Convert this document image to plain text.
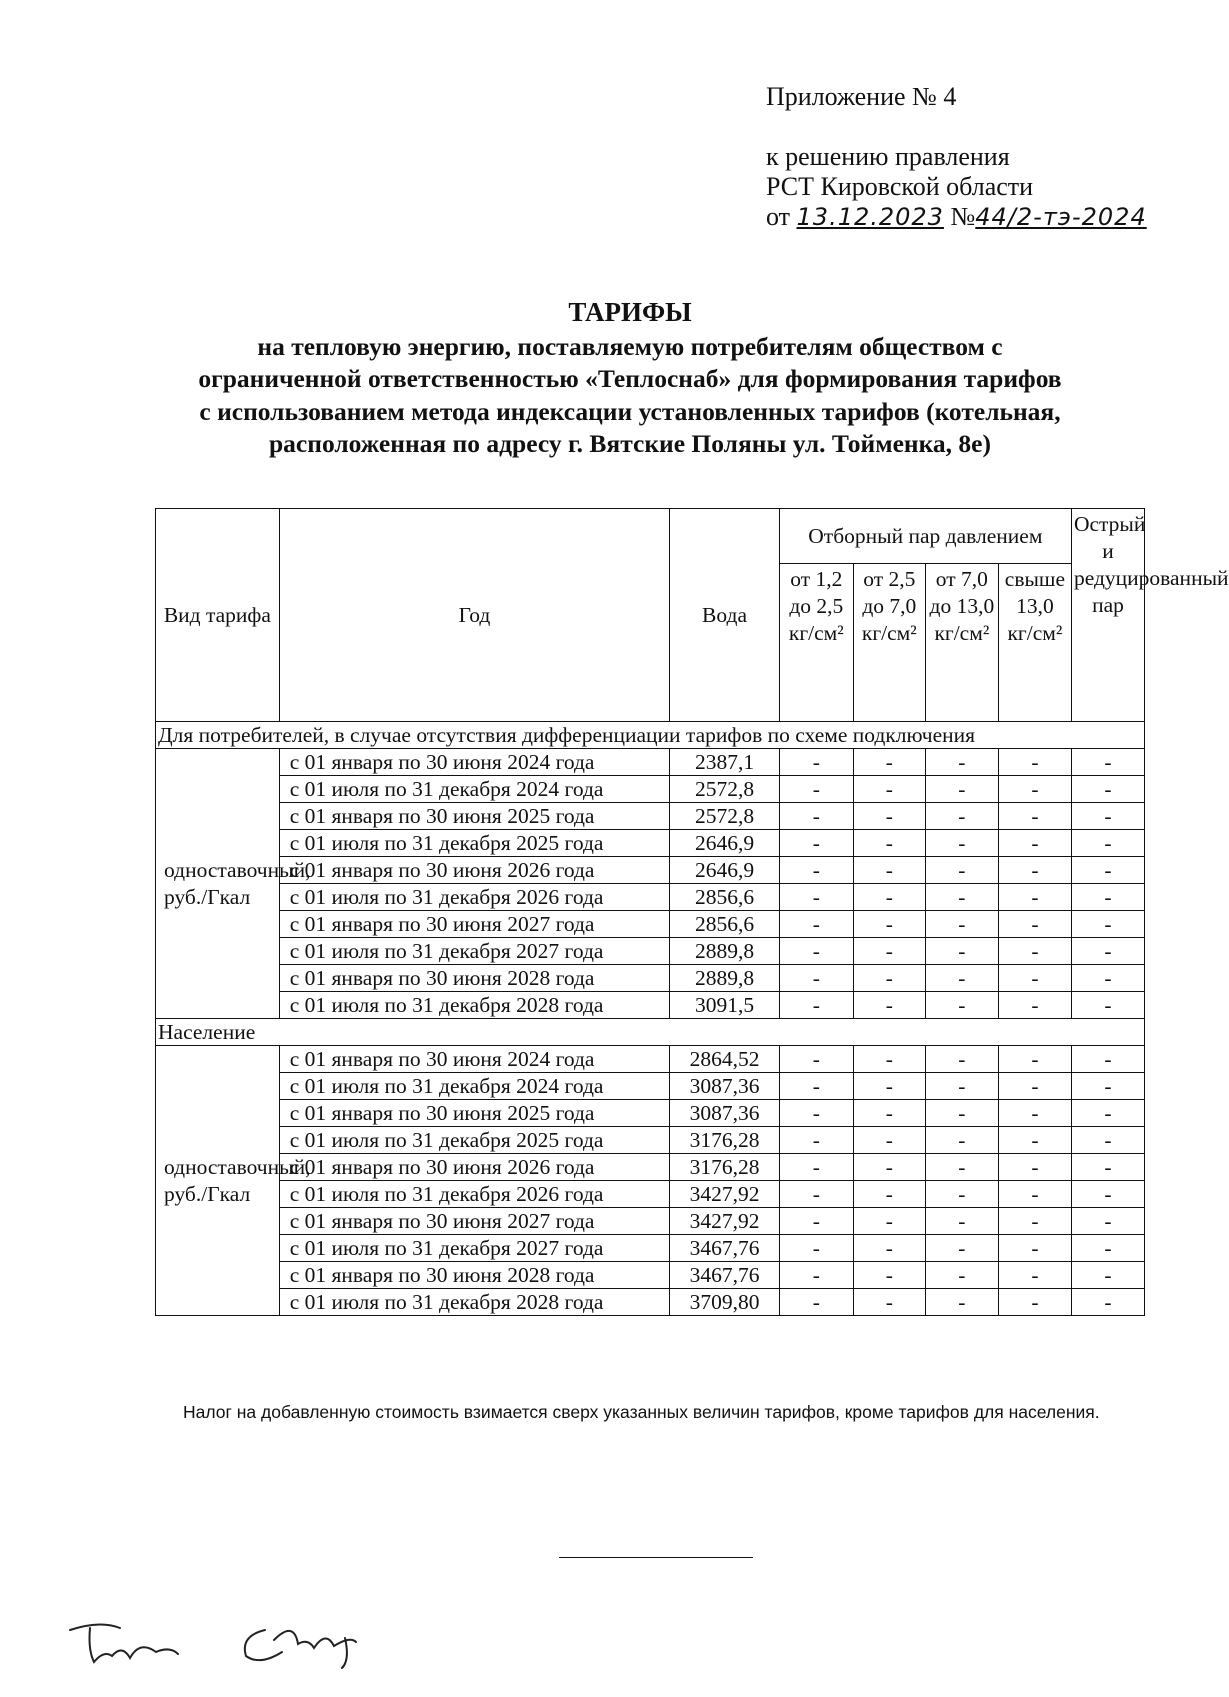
Приложение № 4
к решению правления
РСТ Кировской области
от 13.12.2023 №44/2-тэ-2024
ТАРИФЫ
на тепловую энергию, поставляемую потребителям обществом с
ограниченной ответственностью «Теплоснаб» для формирования тарифов
с использованием метода индексации установленных тарифов (котельная,
расположенная по адресу г. Вятские Поляны ул. Тойменка, 8е)
Вид тарифа	Год	Вода	Отборный пар давлением				Острый и редуцированный пар
			от 1,2 до 2,5 кг/см²	от 2,5 до 7,0 кг/см²	от 7,0 до 13,0 кг/см²	свыше 13,0 кг/см²	
Для потребителей, в случае отсутствия дифференциации тарифов по схеме подключения							
одноставочный, руб./Гкал	с 01 января по 30 июня 2024 года	2387,1	-	-	-	-	-
	с 01 июля по 31 декабря 2024 года	2572,8	-	-	-	-	-
	с 01 января по 30 июня 2025 года	2572,8	-	-	-	-	-
	с 01 июля по 31 декабря 2025 года	2646,9	-	-	-	-	-
	с 01 января по 30 июня 2026 года	2646,9	-	-	-	-	-
	с 01 июля по 31 декабря 2026 года	2856,6	-	-	-	-	-
	с 01 января по 30 июня 2027 года	2856,6	-	-	-	-	-
	с 01 июля по 31 декабря 2027 года	2889,8	-	-	-	-	-
	с 01 января по 30 июня 2028 года	2889,8	-	-	-	-	-
	с 01 июля по 31 декабря 2028 года	3091,5	-	-	-	-	-
Население							
одноставочный, руб./Гкал	с 01 января по 30 июня 2024 года	2864,52	-	-	-	-	-
	с 01 июля по 31 декабря 2024 года	3087,36	-	-	-	-	-
	с 01 января по 30 июня 2025 года	3087,36	-	-	-	-	-
	с 01 июля по 31 декабря 2025 года	3176,28	-	-	-	-	-
	с 01 января по 30 июня 2026 года	3176,28	-	-	-	-	-
	с 01 июля по 31 декабря 2026 года	3427,92	-	-	-	-	-
	с 01 января по 30 июня 2027 года	3427,92	-	-	-	-	-
	с 01 июля по 31 декабря 2027 года	3467,76	-	-	-	-	-
	с 01 января по 30 июня 2028 года	3467,76	-	-	-	-	-
	с 01 июля по 31 декабря 2028 года	3709,80	-	-	-	-	-
Налог на добавленную стоимость взимается сверх указанных величин тарифов, кроме тарифов для населения.
